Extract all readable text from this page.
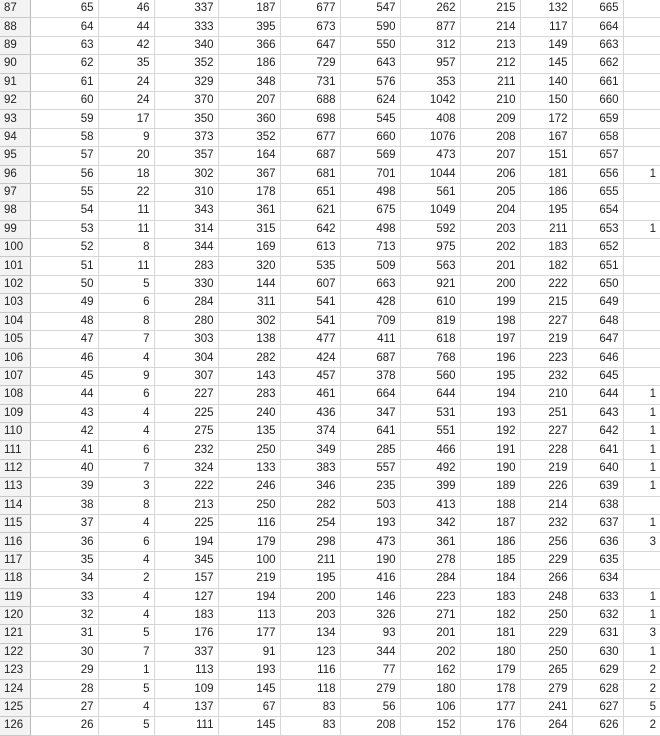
87	65	46	337	187	677	547	262	215	132	665	
88	64	44	333	395	673	590	877	214	117	664	
89	63	42	340	366	647	550	312	213	149	663	
90	62	35	352	186	729	643	957	212	145	662	
91	61	24	329	348	731	576	353	211	140	661	
92	60	24	370	207	688	624	1042	210	150	660	
93	59	17	350	360	698	545	408	209	172	659	
94	58	9	373	352	677	660	1076	208	167	658	
95	57	20	357	164	687	569	473	207	151	657	
96	56	18	302	367	681	701	1044	206	181	656	1
97	55	22	310	178	651	498	561	205	186	655	
98	54	11	343	361	621	675	1049	204	195	654	
99	53	11	314	315	642	498	592	203	211	653	1
100	52	8	344	169	613	713	975	202	183	652	
101	51	11	283	320	535	509	563	201	182	651	
102	50	5	330	144	607	663	921	200	222	650	
103	49	6	284	311	541	428	610	199	215	649	
104	48	8	280	302	541	709	819	198	227	648	
105	47	7	303	138	477	411	618	197	219	647	
106	46	4	304	282	424	687	768	196	223	646	
107	45	9	307	143	457	378	560	195	232	645	
108	44	6	227	283	461	664	644	194	210	644	1
109	43	4	225	240	436	347	531	193	251	643	1
110	42	4	275	135	374	641	551	192	227	642	1
111	41	6	232	250	349	285	466	191	228	641	1
112	40	7	324	133	383	557	492	190	219	640	1
113	39	3	222	246	346	235	399	189	226	639	1
114	38	8	213	250	282	503	413	188	214	638	
115	37	4	225	116	254	193	342	187	232	637	1
116	36	6	194	179	298	473	361	186	256	636	3
117	35	4	345	100	211	190	278	185	229	635	
118	34	2	157	219	195	416	284	184	266	634	
119	33	4	127	194	200	146	223	183	248	633	1
120	32	4	183	113	203	326	271	182	250	632	1
121	31	5	176	177	134	93	201	181	229	631	3
122	30	7	337	91	123	344	202	180	250	630	1
123	29	1	113	193	116	77	162	179	265	629	2
124	28	5	109	145	118	279	180	178	279	628	2
125	27	4	137	67	83	56	106	177	241	627	5
126	26	5	111	145	83	208	152	176	264	626	2
